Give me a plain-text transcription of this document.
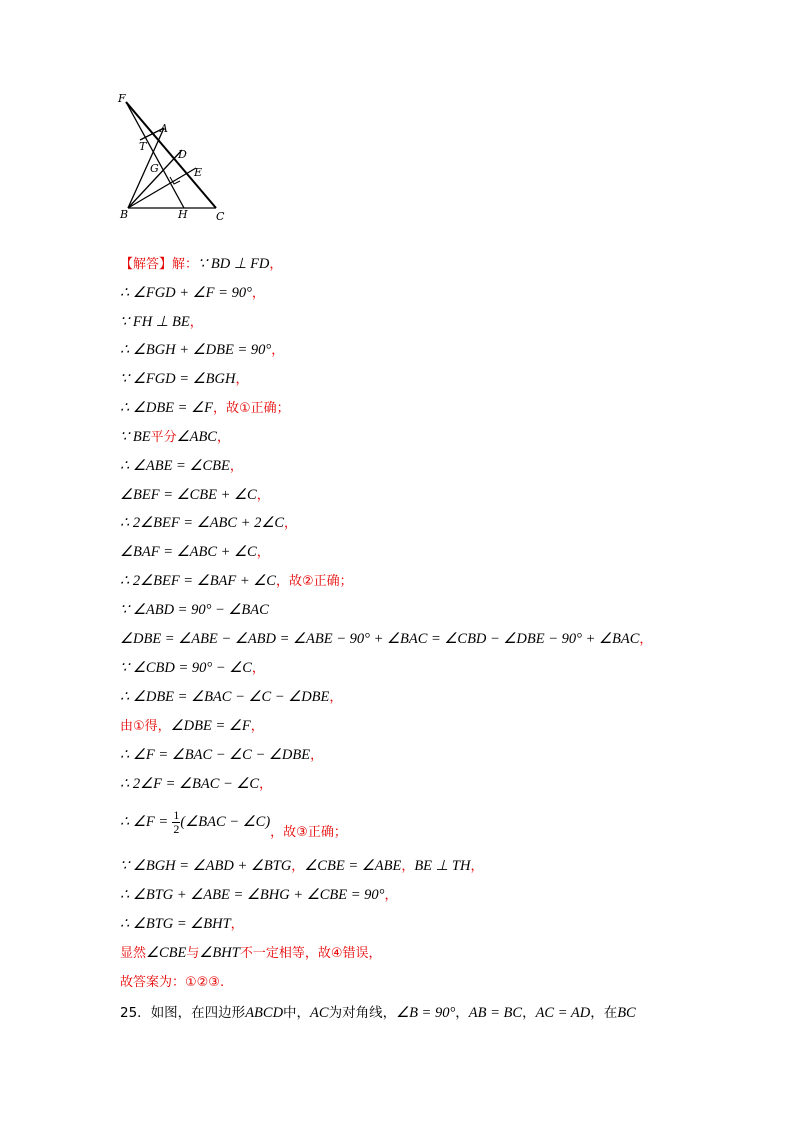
F
A
T
D
G	E
B	H	C
【解答】解：∵ BD ⊥ FD，
∴ ∠FGD + ∠F = 90°，
∵ FH ⊥ BE，
∴ ∠BGH + ∠DBE = 90°，
∵ ∠FGD = ∠BGH，
∴ ∠DBE = ∠F，故①正确；
∵ BE平分∠ABC，
∴ ∠ABE = ∠CBE，
∠BEF = ∠CBE + ∠C，
∴ 2∠BEF = ∠ABC + 2∠C，
∠BAF = ∠ABC + ∠C，
∴ 2∠BEF = ∠BAF + ∠C，故②正确；
∵ ∠ABD = 90° − ∠BAC
∠DBE = ∠ABE − ∠ABD = ∠ABE − 90° + ∠BAC = ∠CBD − ∠DBE − 90° + ∠BAC，
∵ ∠CBD = 90° − ∠C，
∴ ∠DBE = ∠BAC − ∠C − ∠DBE，
由①得，∠DBE = ∠F，
∴ ∠F = ∠BAC − ∠C − ∠DBE，
∴ 2∠F = ∠BAC − ∠C，
∴ ∠F = $\frac{1}{2}$ (∠BAC − ∠C)，故③正确；
∵ ∠BGH = ∠ABD + ∠BTG，∠CBE = ∠ABE，BE ⊥ TH，
∴ ∠BTG + ∠ABE = ∠BHG + ∠CBE = 90°，
∴ ∠BTG = ∠BHT，
显然∠CBE与∠BHT不一定相等，故④错误，
故答案为：①②③.
25．如图，在四边形ABCD中，AC为对角线，∠B = 90°，AB = BC，AC = AD，在BC
